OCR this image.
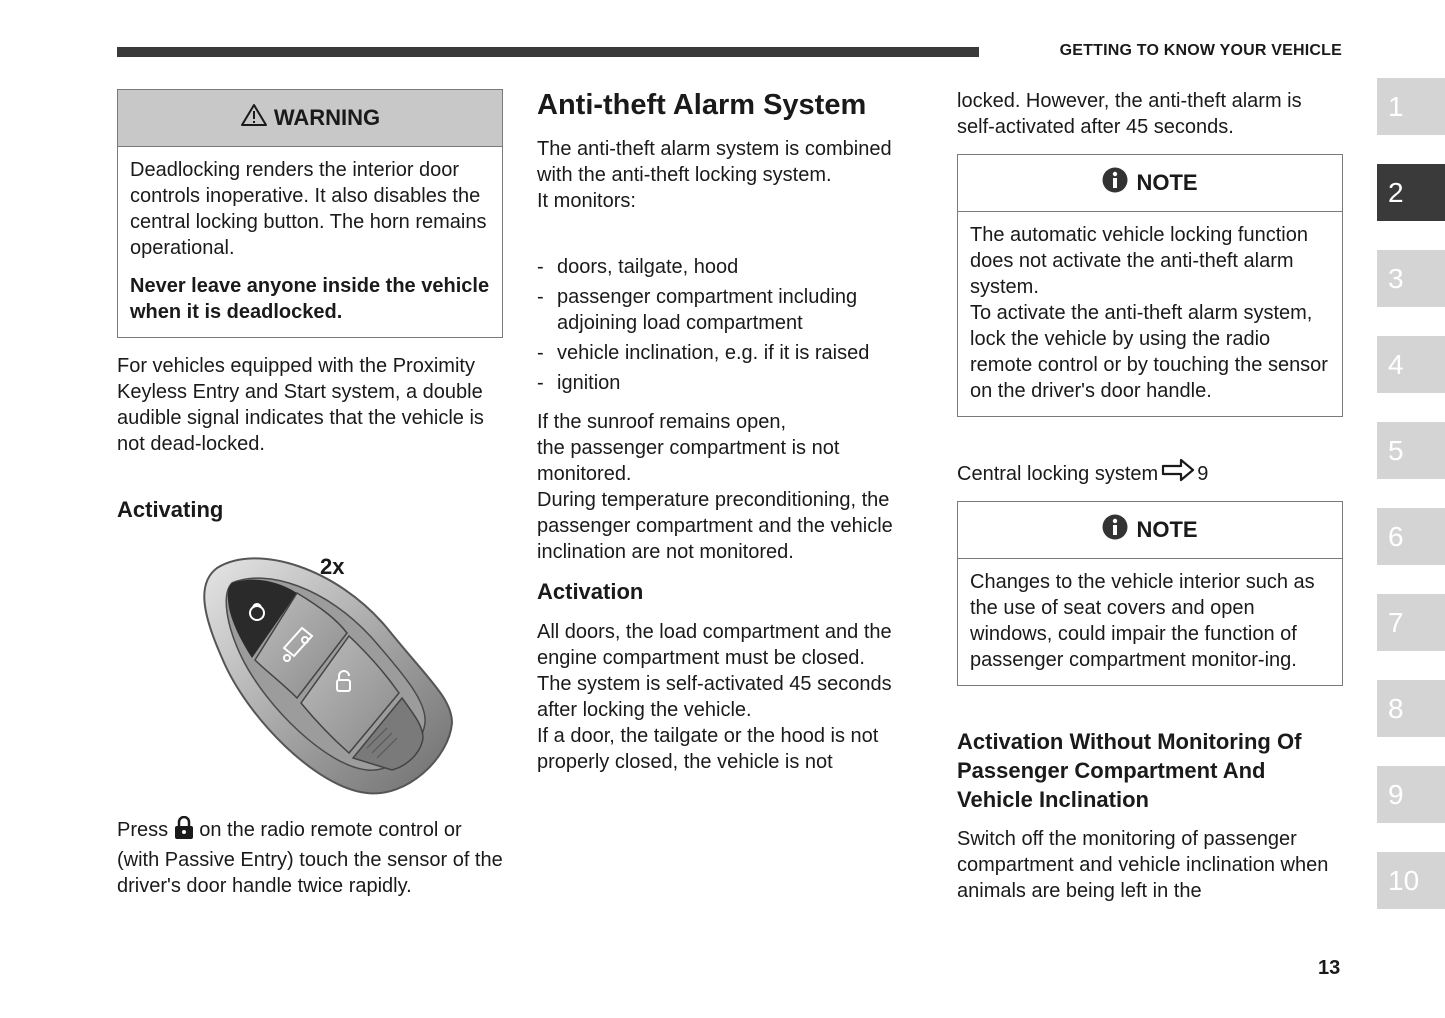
GETTING TO KNOW YOUR VEHICLE
WARNING

Deadlocking renders the interior door controls inoperative. It also disables the central locking button. The horn remains operational.

Never leave anyone inside the vehicle when it is deadlocked.

For vehicles equipped with the Proximity Keyless Entry and Start system, a double audible signal indicates that the vehicle is not dead-locked.

Activating
2x

Press  on the radio remote control or (with Passive Entry) touch the sensor of the driver's door handle twice rapidly.

Anti-theft Alarm System

The anti-theft alarm system is combined with the anti-theft locking system.

It monitors:

- doors, tailgate, hood
- passenger compartment including adjoining load compartment
- vehicle inclination, e.g. if it is raised
- ignition

If the sunroof remains open,

the passenger compartment is not monitored.

During temperature preconditioning, the passenger compartment and the vehicle inclination are not monitored.

Activation

All doors, the load compartment and the engine compartment must be closed.

The system is self-activated 45 seconds after locking the vehicle.

If a door, the tailgate or the hood is not properly closed, the vehicle is not

locked. However, the anti-theft alarm is self-activated after 45 seconds.

NOTE

The automatic vehicle locking function does not activate the anti-theft alarm system.

To activate the anti-theft alarm system, lock the vehicle by using the radio remote control or by touching the sensor on the driver's door handle.

Central locking system 9
NOTE

Changes to the vehicle interior such as the use of seat covers and open windows, could impair the function of passenger compartment monitor-ing.

Activation Without Monitoring Of Passenger Compartment And Vehicle Inclination

Switch off the monitoring of passenger compartment and vehicle inclination when animals are being left in the

1
2
3
4
5
6
7
8
9
10
13
